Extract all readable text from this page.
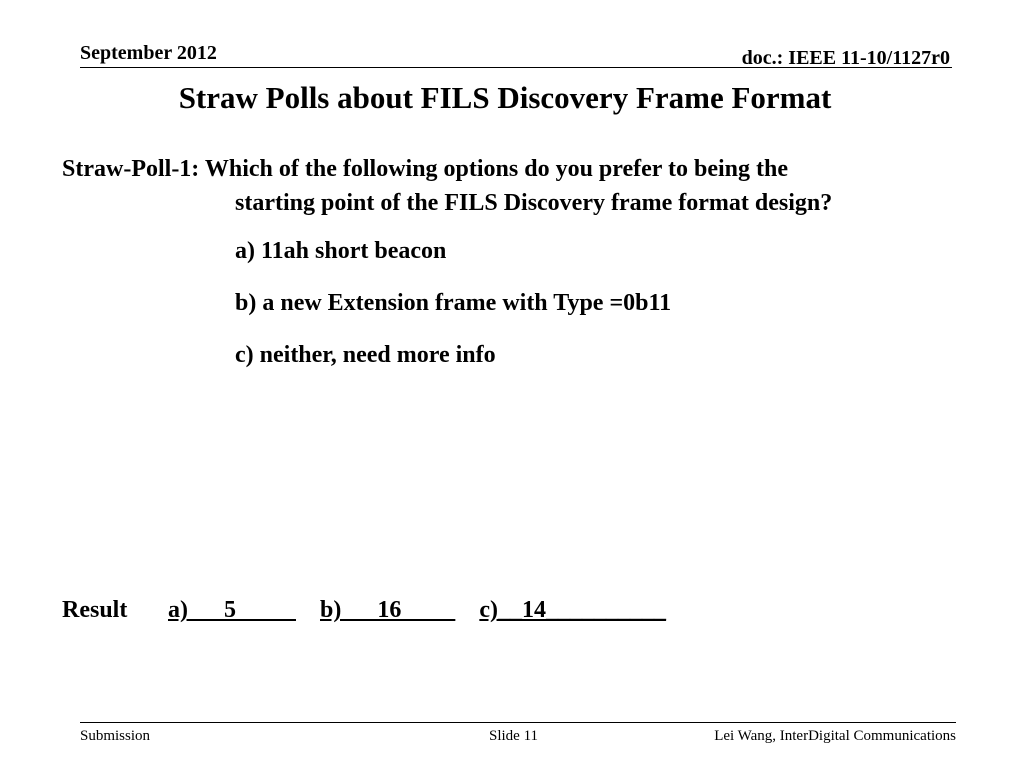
September 2012	doc.: IEEE 11-10/1127r0
Straw Polls about FILS Discovery Frame Format
Straw-Poll-1: Which of the following options do you prefer to being the
starting point of the FILS Discovery frame format design?
a) 11ah short beacon
b) a new Extension frame with Type =0b11
c) neither, need more info
Result a)      5              b)      16             c)__14__________
Submission	Slide 11	Lei Wang, InterDigital Communications
